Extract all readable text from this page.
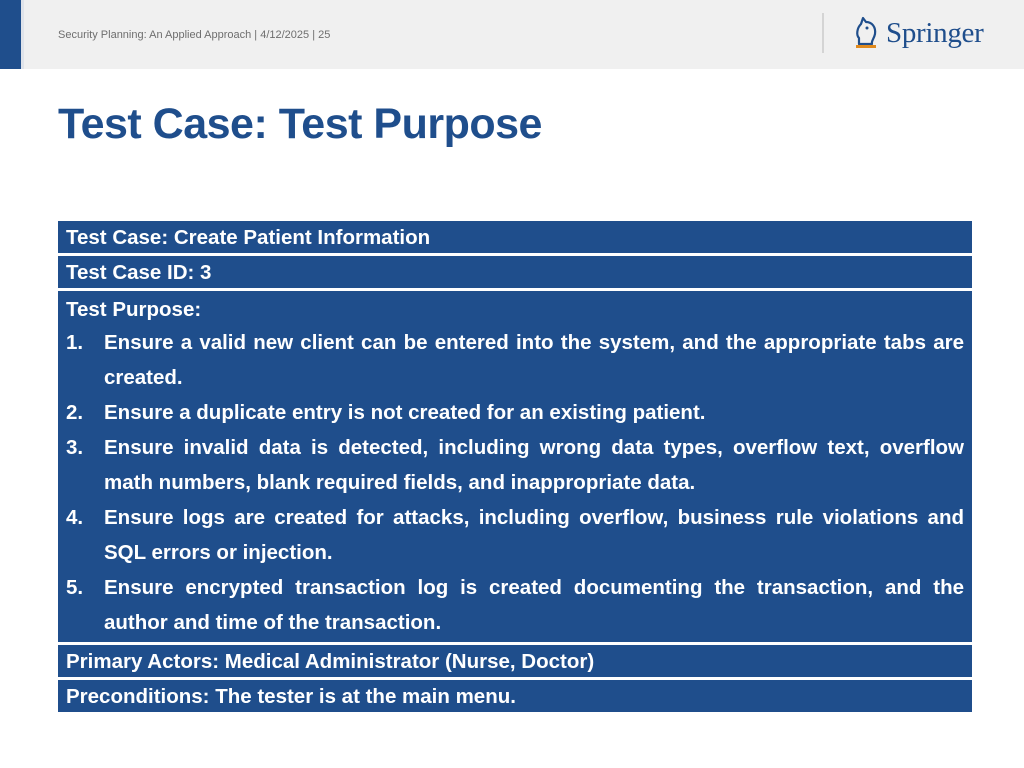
Security Planning: An Applied Approach | 4/12/2025 | 25	Springer
Test Case: Test Purpose
Test Case: Create Patient Information
Test Case ID: 3
Test Purpose:
1.	Ensure a valid new client can be entered into the system, and the appropriate tabs are created.
2.	Ensure a duplicate entry is not created for an existing patient.
3.	Ensure invalid data is detected, including wrong data types, overflow text, overflow math numbers, blank required fields, and inappropriate data.
4.	Ensure logs are created for attacks, including overflow, business rule violations and SQL errors or injection.
5.	Ensure encrypted transaction log is created documenting the transaction, and the author and time of the transaction.
Primary Actors: Medical Administrator (Nurse, Doctor)
Preconditions: The tester is at the main menu.
